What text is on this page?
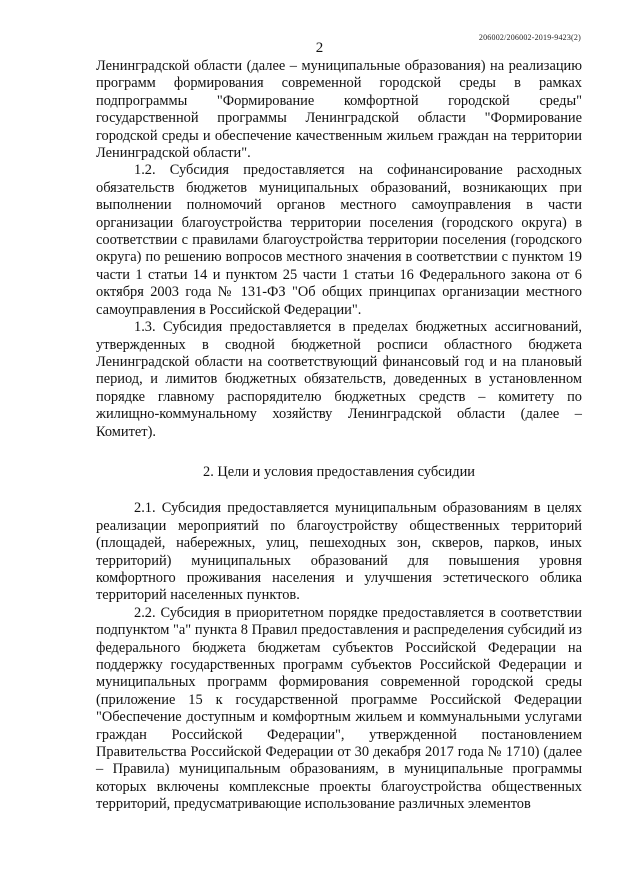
206002/206002-2019-9423(2)
2

Ленинградской области (далее – муниципальные образования) на реализацию программ формирования современной городской среды в рамках подпрограммы "Формирование комфортной городской среды" государственной программы Ленинградской области "Формирование городской среды и обеспечение качественным жильем граждан на территории Ленинградской области".

1.2. Субсидия предоставляется на софинансирование расходных обязательств бюджетов муниципальных образований, возникающих при выполнении полномочий органов местного самоуправления в части организации благоустройства территории поселения (городского округа) в соответствии с правилами благоустройства территории поселения (городского округа) по решению вопросов местного значения в соответствии с пунктом 19 части 1 статьи 14 и пунктом 25 части 1 статьи 16 Федерального закона от 6 октября 2003 года № 131-ФЗ "Об общих принципах организации местного самоуправления в Российской Федерации".

1.3. Субсидия предоставляется в пределах бюджетных ассигнований, утвержденных в сводной бюджетной росписи областного бюджета Ленинградской области на соответствующий финансовый год и на плановый период, и лимитов бюджетных обязательств, доведенных в установленном порядке главному распорядителю бюджетных средств – комитету по жилищно-коммунальному хозяйству Ленинградской области (далее – Комитет).

2. Цели и условия предоставления субсидии

2.1. Субсидия предоставляется муниципальным образованиям в целях реализации мероприятий по благоустройству общественных территорий (площадей, набережных, улиц, пешеходных зон, скверов, парков, иных территорий) муниципальных образований для повышения уровня комфортного проживания населения и улучшения эстетического облика территорий населенных пунктов.

2.2. Субсидия в приоритетном порядке предоставляется в соответствии подпунктом "а" пункта 8 Правил предоставления и распределения субсидий из федерального бюджета бюджетам субъектов Российской Федерации на поддержку государственных программ субъектов Российской Федерации и муниципальных программ формирования современной городской среды (приложение 15 к государственной программе Российской Федерации "Обеспечение доступным и комфортным жильем и коммунальными услугами граждан Российской Федерации", утвержденной постановлением Правительства Российской Федерации от 30 декабря 2017 года № 1710) (далее – Правила) муниципальным образованиям, в муниципальные программы которых включены комплексные проекты благоустройства общественных территорий, предусматривающие использование различных элементов
